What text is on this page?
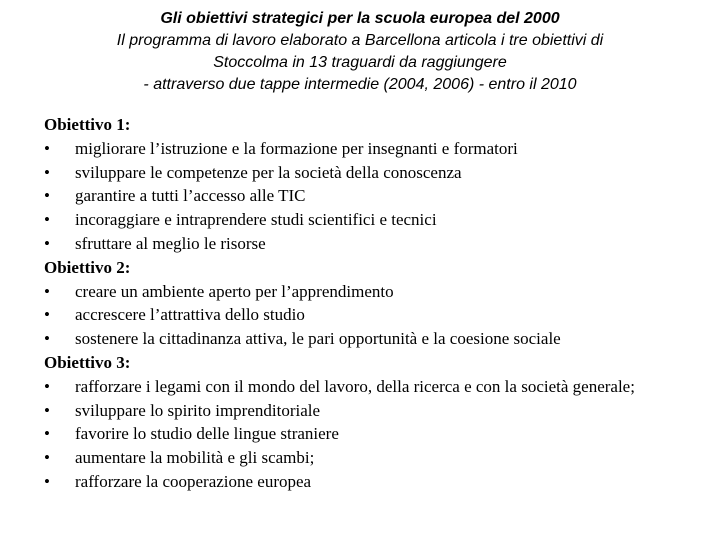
Gli obiettivi strategici per la scuola europea del 2000
Il programma di lavoro elaborato a Barcellona articola i tre obiettivi di
Stoccolma in 13 traguardi da raggiungere
- attraverso due tappe intermedie (2004, 2006) - entro il 2010
Obiettivo 1:
• migliorare l’istruzione e la formazione per insegnanti e formatori
• sviluppare le competenze per la società della conoscenza
• garantire a tutti l’accesso alle TIC
• incoraggiare e intraprendere studi scientifici e tecnici
• sfruttare al meglio le risorse
Obiettivo 2:
• creare un ambiente aperto per l’apprendimento
• accrescere l’attrattiva dello studio
• sostenere la cittadinanza attiva, le pari opportunità e la coesione sociale
Obiettivo 3:
• rafforzare i legami con il mondo del lavoro, della ricerca e con la società generale;
• sviluppare lo spirito imprenditoriale
• favorire lo studio delle lingue straniere
• aumentare la mobilità e gli scambi;
• rafforzare la cooperazione europea
